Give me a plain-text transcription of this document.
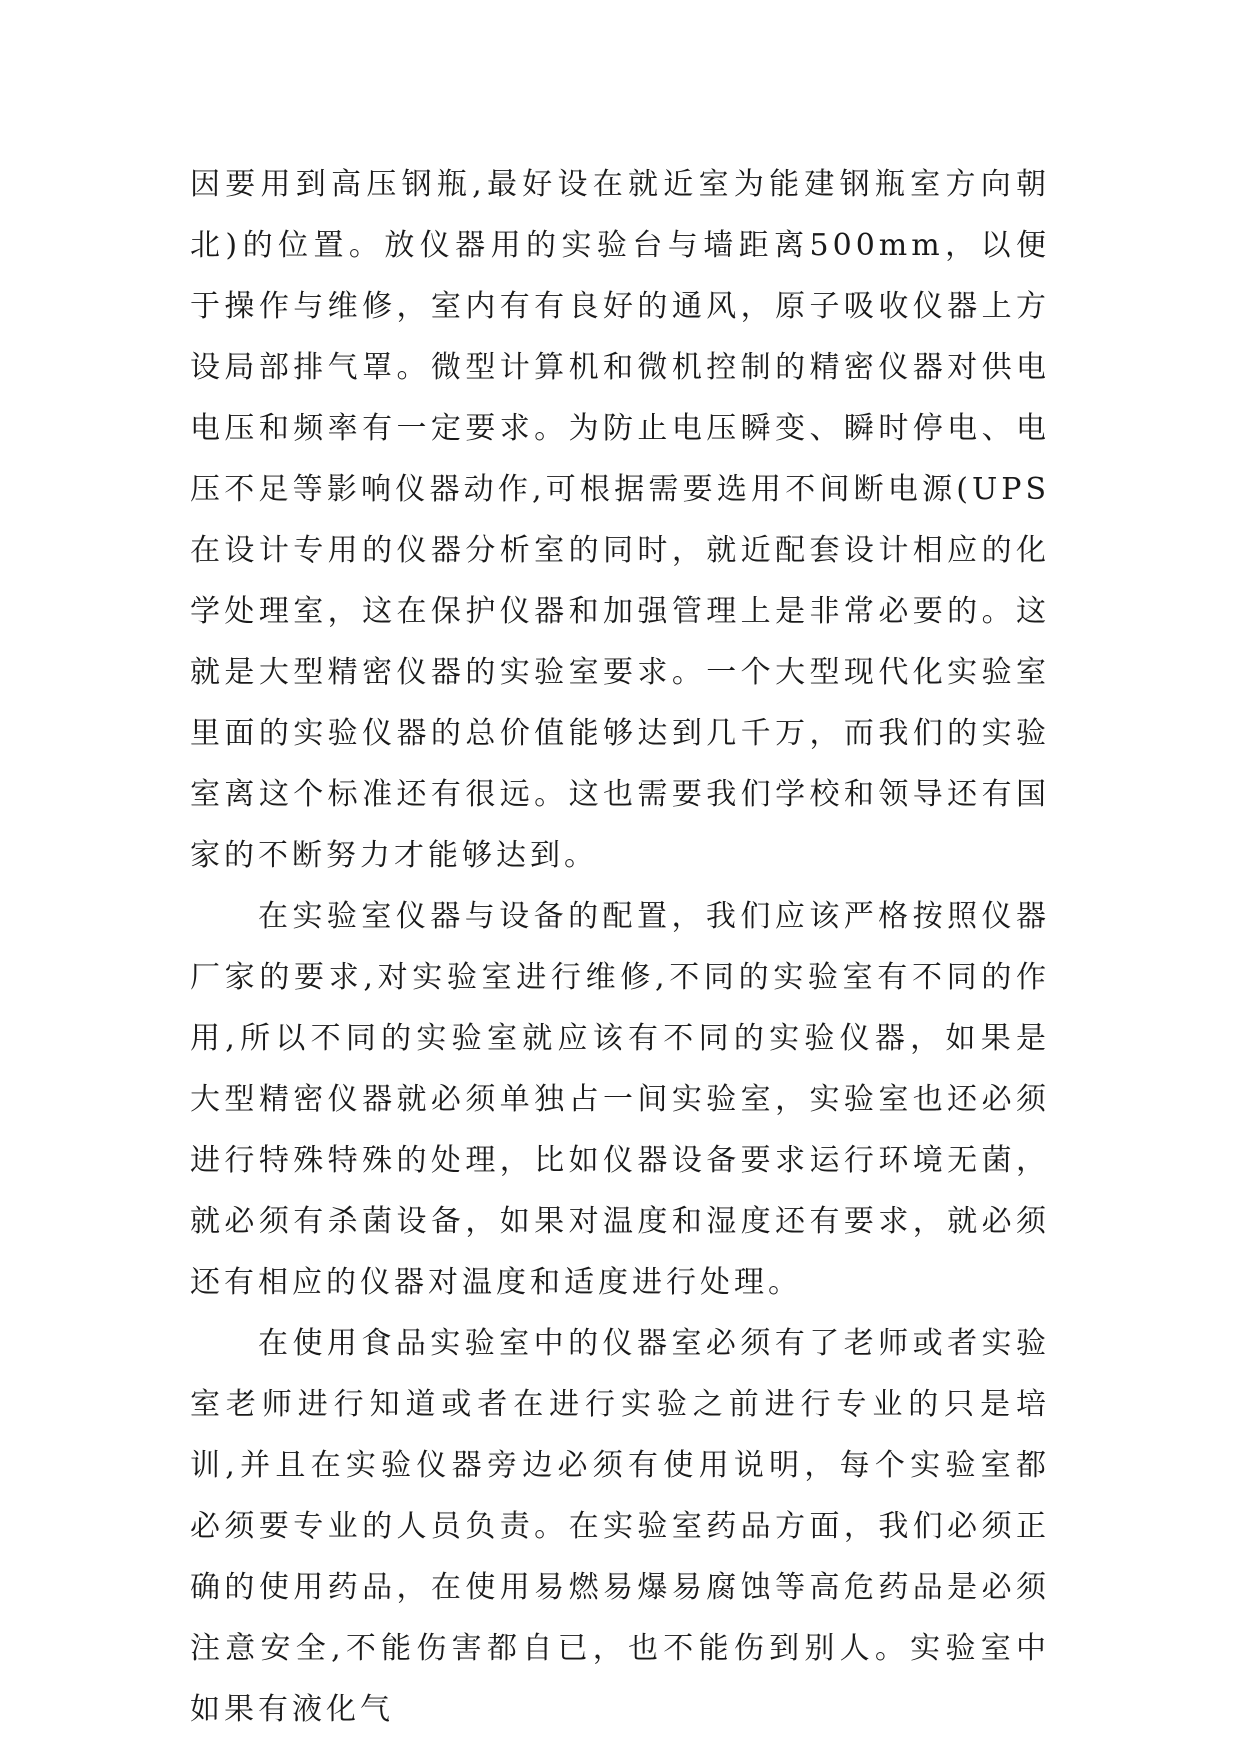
因要用到高压钢瓶,最好设在就近室为能建钢瓶室方向朝北)的位置。放仪器用的实验台与墙距离500mm，以便于操作与维修，室内有有良好的通风，原子吸收仪器上方设局部排气罩。微型计算机和微机控制的精密仪器对供电电压和频率有一定要求。为防止电压瞬变、瞬时停电、电压不足等影响仪器动作,可根据需要选用不间断电源(UPS在设计专用的仪器分析室的同时，就近配套设计相应的化学处理室，这在保护仪器和加强管理上是非常必要的。这就是大型精密仪器的实验室要求。一个大型现代化实验室里面的实验仪器的总价值能够达到几千万，而我们的实验室离这个标准还有很远。这也需要我们学校和领导还有国家的不断努力才能够达到。

在实验室仪器与设备的配置，我们应该严格按照仪器厂家的要求,对实验室进行维修,不同的实验室有不同的作用,所以不同的实验室就应该有不同的实验仪器，如果是大型精密仪器就必须单独占一间实验室，实验室也还必须进行特殊特殊的处理，比如仪器设备要求运行环境无菌，就必须有杀菌设备，如果对温度和湿度还有要求，就必须还有相应的仪器对温度和适度进行处理。

在使用食品实验室中的仪器室必须有了老师或者实验室老师进行知道或者在进行实验之前进行专业的只是培训,并且在实验仪器旁边必须有使用说明，每个实验室都必须要专业的人员负责。在实验室药品方面，我们必须正确的使用药品，在使用易燃易爆易腐蚀等高危药品是必须注意安全,不能伤害都自已，也不能伤到别人。实验室中如果有液化气
